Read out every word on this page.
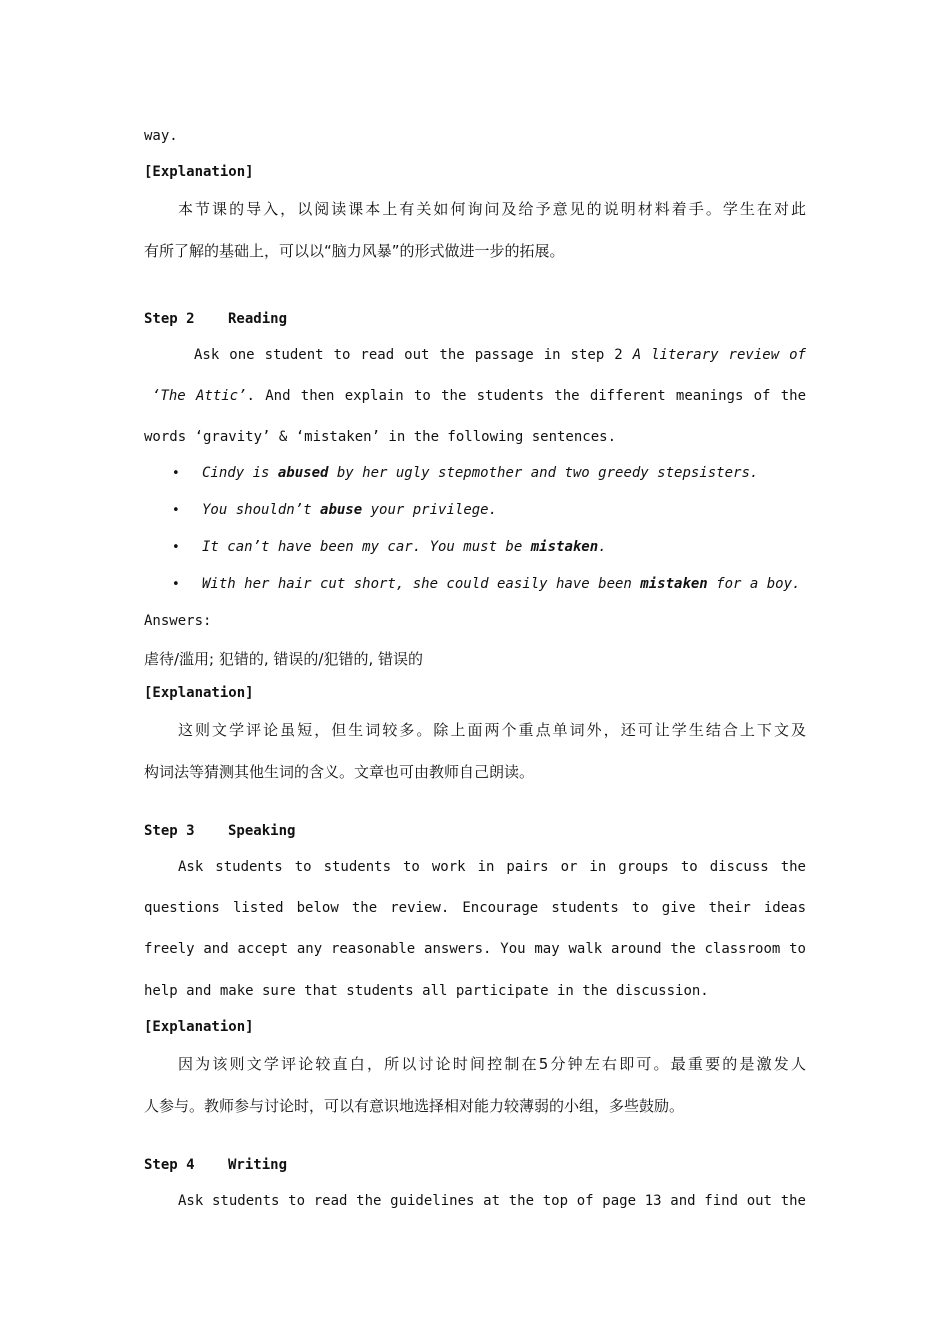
way.
[Explanation]
本节课的导入，以阅读课本上有关如何询问及给予意见的说明材料着手。学生在对此
有所了解的基础上，可以以“脑力风暴”的形式做进一步的拓展。
Step 2 Reading
Ask one student to read out the passage in step 2 A literary review of
‘The Attic’. And then explain to the students the different meanings of the
words ‘gravity’ & ‘mistaken’ in the following sentences.
• Cindy is abused by her ugly stepmother and two greedy stepsisters.
• You shouldn’t abuse your privilege.
• It can’t have been my car. You must be mistaken.
• With her hair cut short, she could easily have been mistaken for a boy.
Answers:
虐待/滥用; 犯错的, 错误的/犯错的, 错误的
[Explanation]
这则文学评论虽短，但生词较多。除上面两个重点单词外，还可让学生结合上下文及
构词法等猜测其他生词的含义。文章也可由教师自己朗读。
Step 3 Speaking
Ask students to students to work in pairs or in groups to discuss the
questions listed below the review. Encourage students to give their ideas
freely and accept any reasonable answers. You may walk around the classroom to
help and make sure that students all participate in the discussion.
[Explanation]
因为该则文学评论较直白，所以讨论时间控制在5分钟左右即可。最重要的是激发人
人参与。教师参与讨论时，可以有意识地选择相对能力较薄弱的小组，多些鼓励。
Step 4 Writing
Ask students to read the guidelines at the top of page 13 and find out the
